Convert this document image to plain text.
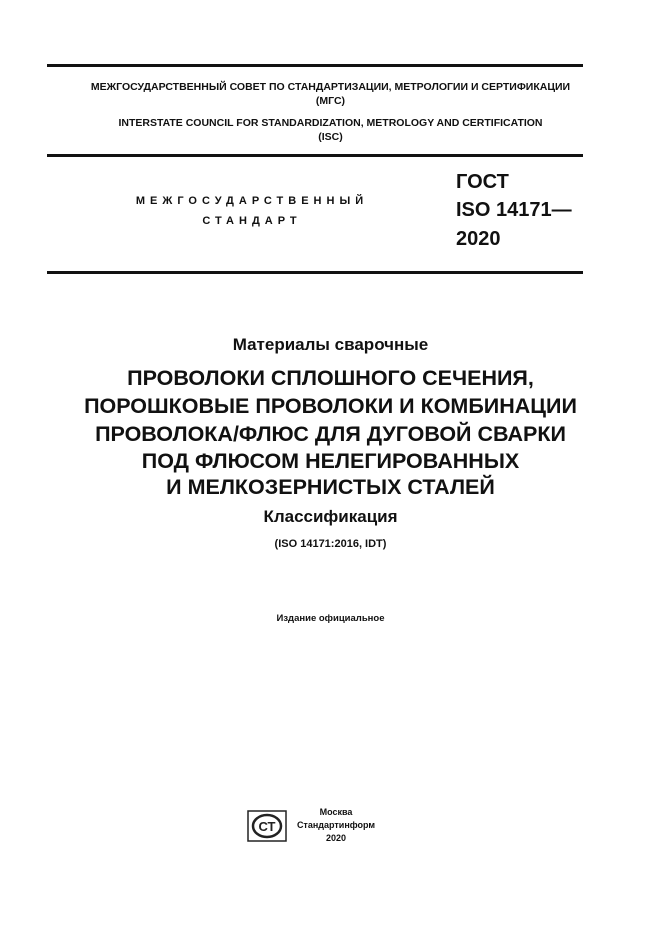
МЕЖГОСУДАРСТВЕННЫЙ СОВЕТ ПО СТАНДАРТИЗАЦИИ, МЕТРОЛОГИИ И СЕРТИФИКАЦИИ
(МГС)
INTERSTATE COUNCIL FOR STANDARDIZATION, METROLOGY AND CERTIFICATION
(ISC)
МЕЖГОСУДАРСТВЕННЫЙ
СТАНДАРТ
ГОСТ
ISO 14171—
2020
Материалы сварочные
ПРОВОЛОКИ СПЛОШНОГО СЕЧЕНИЯ,
ПОРОШКОВЫЕ ПРОВОЛОКИ И КОМБИНАЦИИ
ПРОВОЛОКА/ФЛЮС ДЛЯ ДУГОВОЙ СВАРКИ
ПОД ФЛЮСОМ НЕЛЕГИРОВАННЫХ
И МЕЛКОЗЕРНИСТЫХ СТАЛЕЙ
Классификация
(ISO 14171:2016, IDT)
Издание официальное
СТ
Москва
Стандартинформ
2020
